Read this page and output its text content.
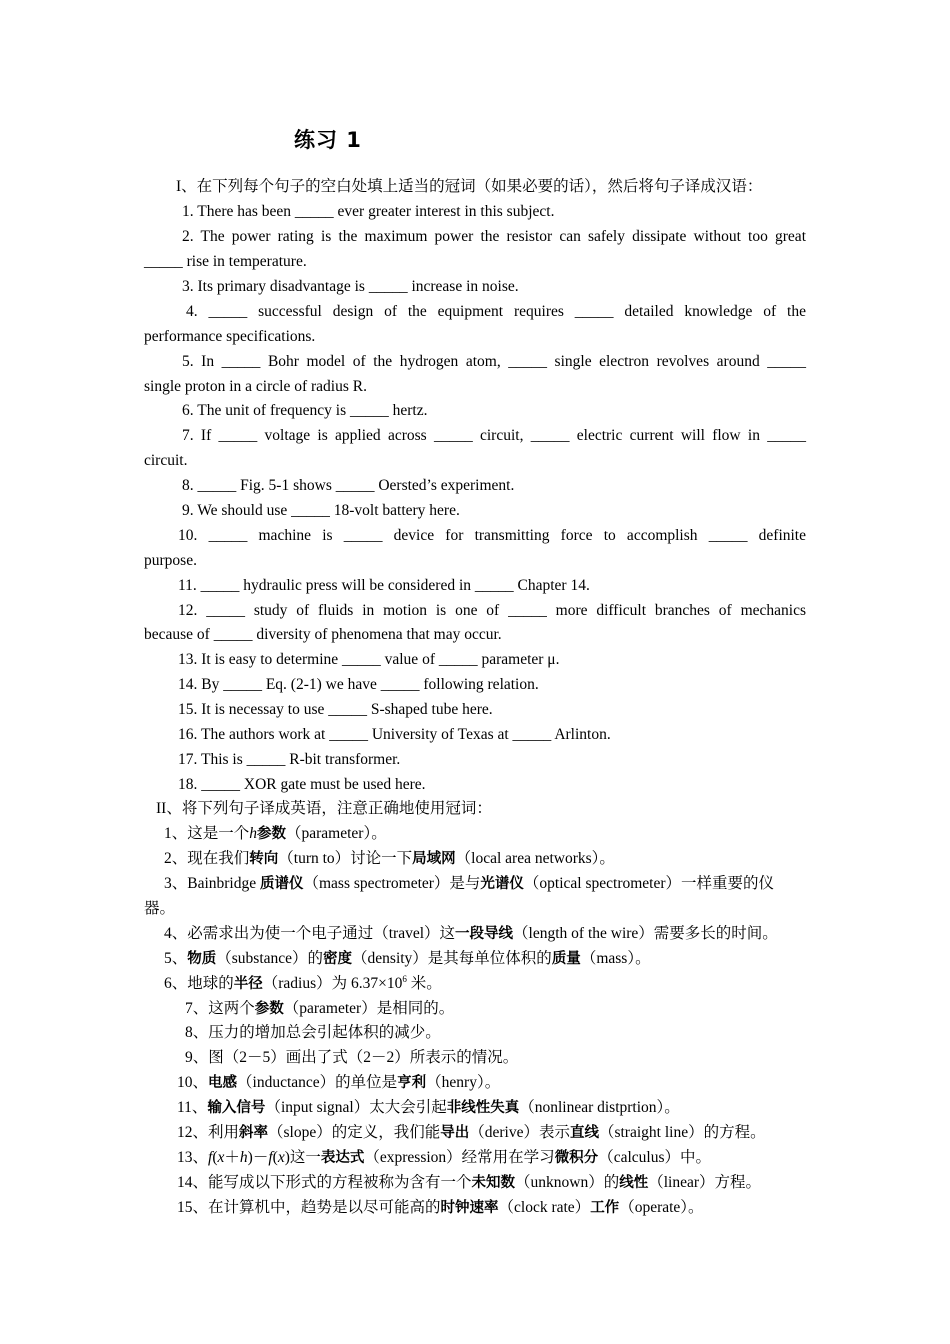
练习 1
I、在下列每个句子的空白处填上适当的冠词（如果必要的话），然后将句子译成汉语：
1. There has been _____ ever greater interest in this subject.
2. The power rating is the maximum power the resistor can safely dissipate without too great
_____ rise in temperature.
3. Its primary disadvantage is _____ increase in noise.
4. _____ successful design of the equipment requires _____ detailed knowledge of the
performance specifications.
5. In _____ Bohr model of the hydrogen atom, _____ single electron revolves around _____
single proton in a circle of radius R.
6. The unit of frequency is _____ hertz.
7. If _____ voltage is applied across _____ circuit, _____ electric current will flow in _____
circuit.
8. _____ Fig. 5-1 shows _____ Oersted’s experiment.
9. We should use _____ 18-volt battery here.
10. _____ machine is _____ device for transmitting force to accomplish _____ definite
purpose.
11. _____ hydraulic press will be considered in _____ Chapter 14.
12. _____ study of fluids in motion is one of _____ more difficult branches of mechanics
because of _____ diversity of phenomena that may occur.
13. It is easy to determine _____ value of _____ parameter μ.
14. By _____ Eq. (2-1) we have _____ following relation.
15. It is necessay to use _____ S-shaped tube here.
16. The authors work at _____ University of Texas at _____ Arlinton.
17. This is _____ R-bit transformer.
18. _____ XOR gate must be used here.
II、将下列句子译成英语，注意正确地使用冠词：
1、这是一个h参数（parameter）。
2、现在我们转向（turn to）讨论一下局域网（local area networks）。
3、Bainbridge 质谱仪（mass spectrometer）是与光谱仪（optical spectrometer）一样重要的仪
器。
4、必需求出为使一个电子通过（travel）这一段导线（length of the wire）需要多长的时间。
5、物质（substance）的密度（density）是其每单位体积的质量（mass）。
6、地球的半径（radius）为 $6.37\times 10^6$ 米。
7、这两个参数（parameter）是相同的。
8、压力的增加总会引起体积的减少。
9、图（2－5）画出了式（2－2）所表示的情况。
10、电感（inductance）的单位是亨利（henry）。
11、输入信号（input signal）太大会引起非线性失真（nonlinear distprtion）。
12、利用斜率（slope）的定义，我们能导出（derive）表示直线（straight line）的方程。
13、f(x＋h)－f(x)这一表达式（expression）经常用在学习微积分（calculus）中。
14、能写成以下形式的方程被称为含有一个未知数（unknown）的线性（linear）方程。
15、在计算机中，趋势是以尽可能高的时钟速率（clock rate）工作（operate）。
